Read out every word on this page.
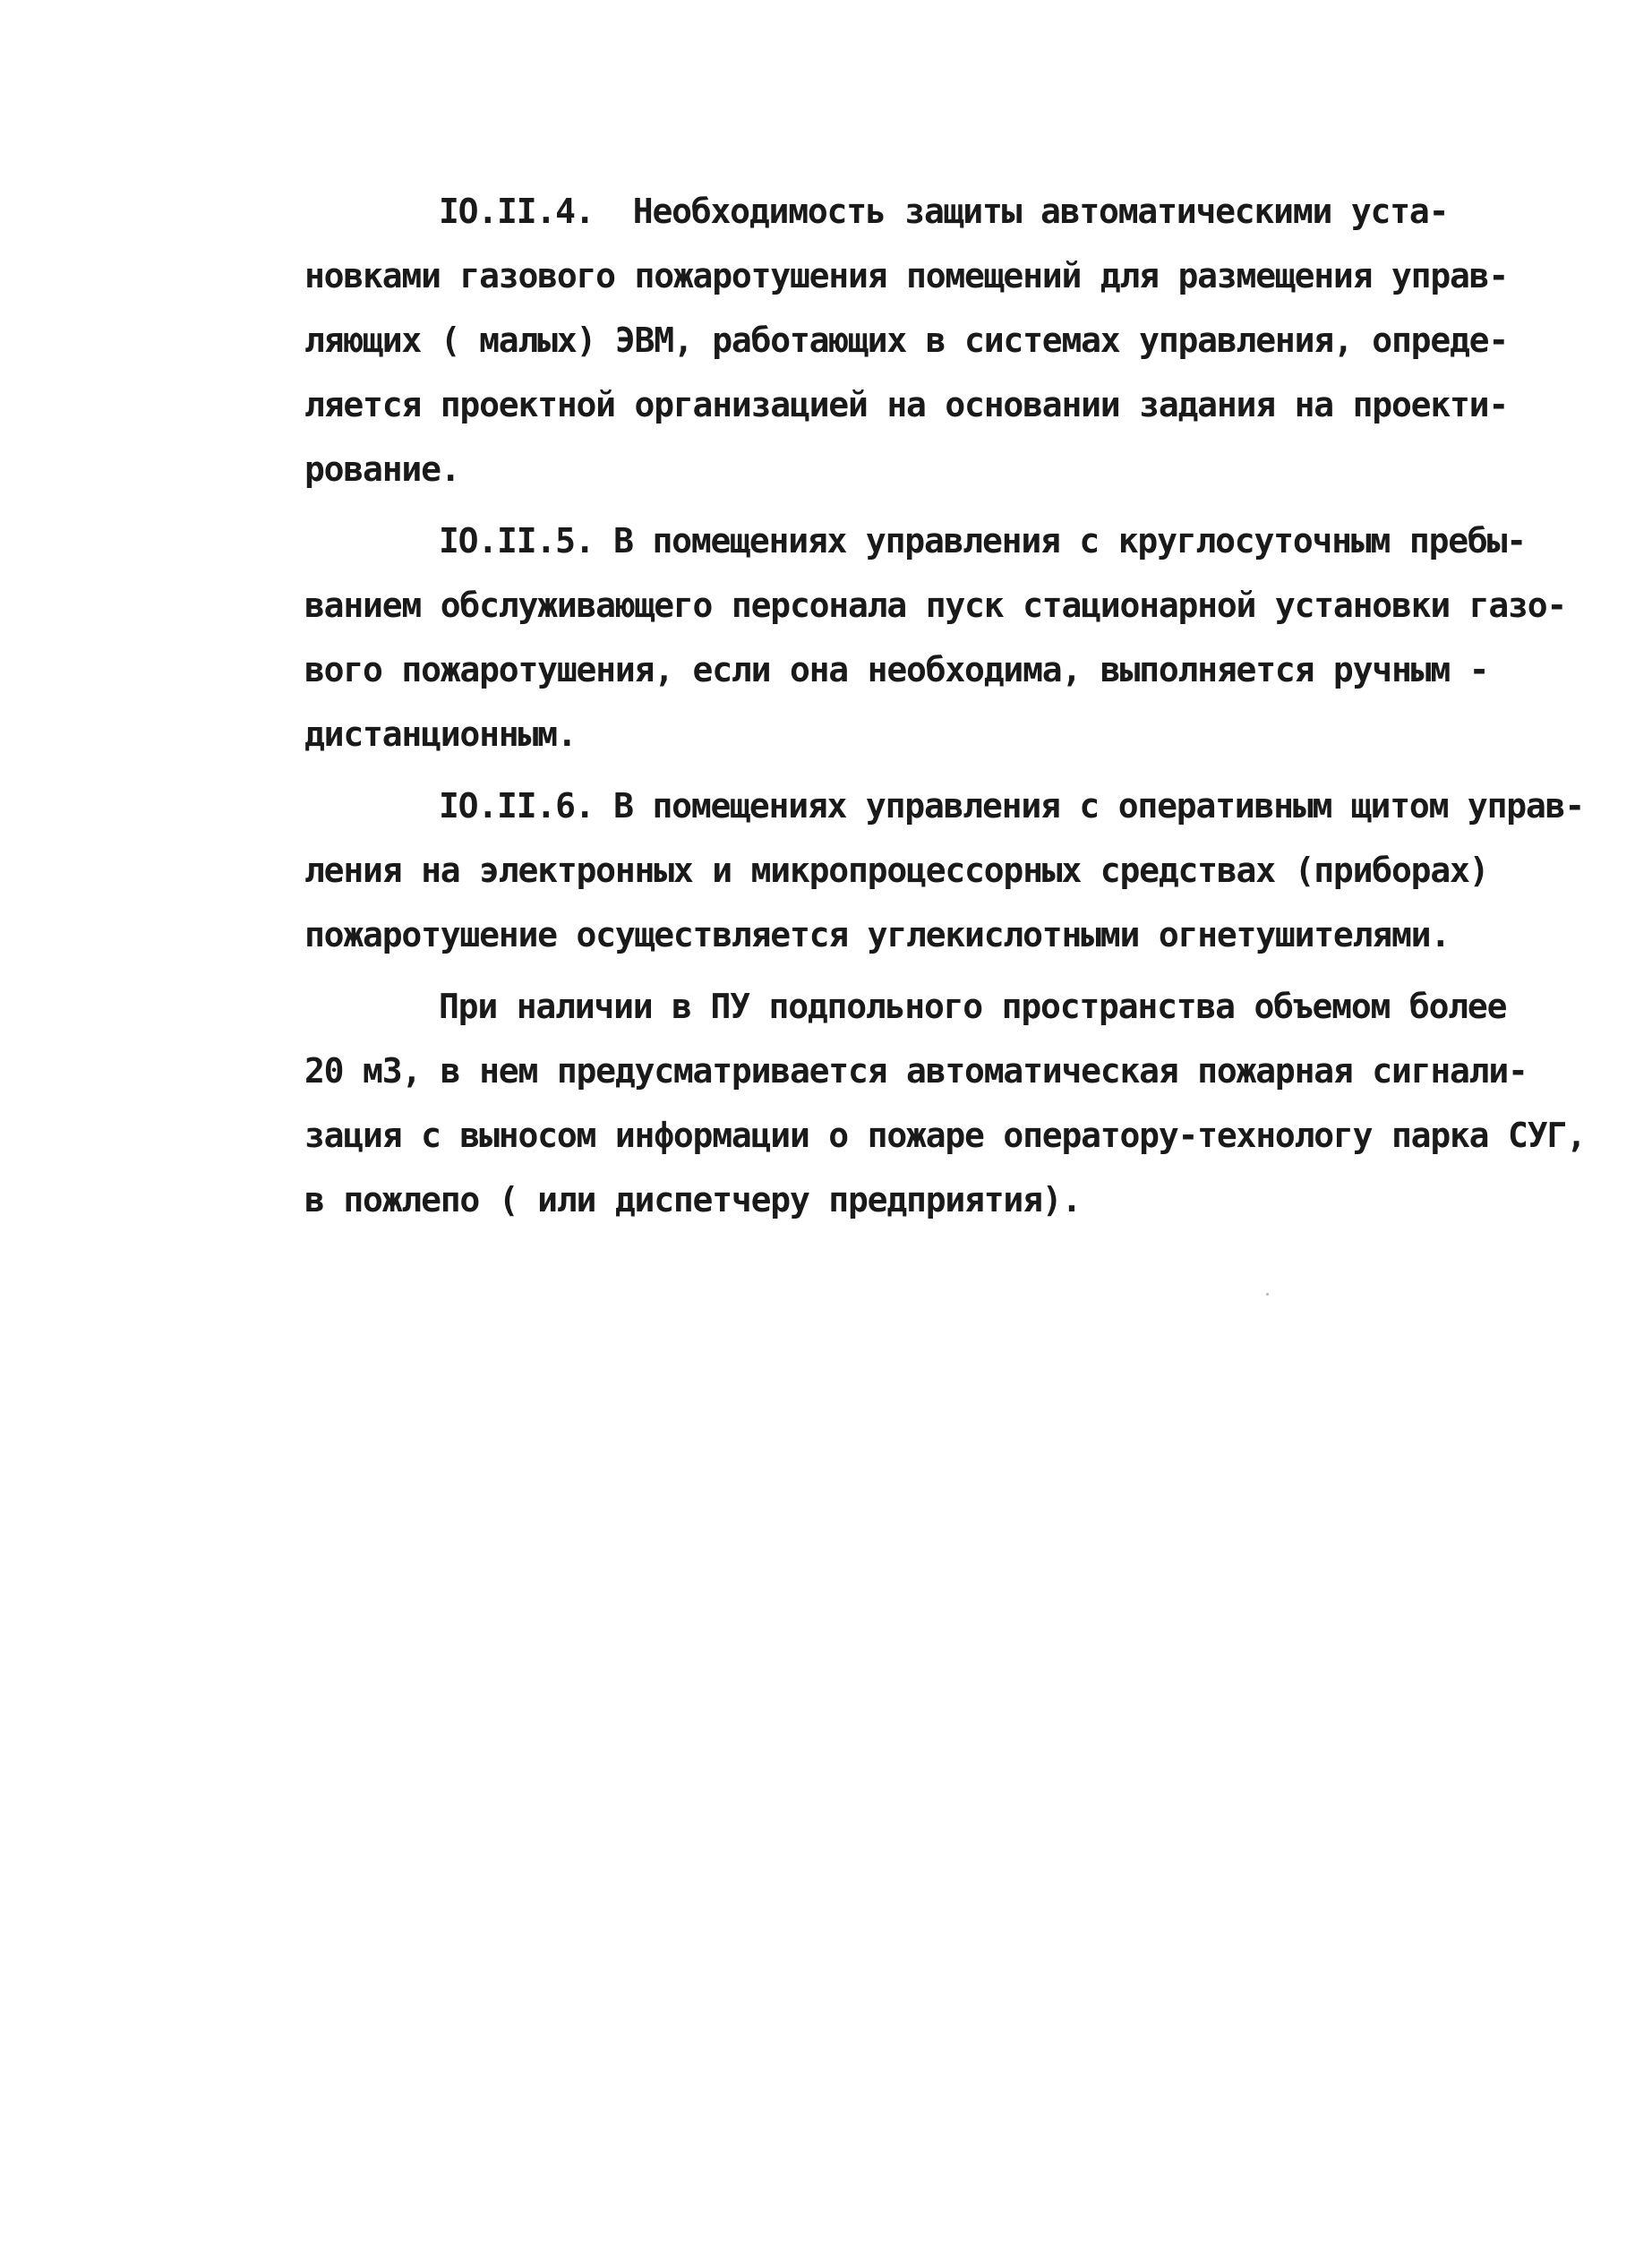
IO.II.4.  Необходимость защиты автоматическими уста-
новками газового пожаротушения помещений для размещения управ-
ляющих ( малых) ЭВМ, работающих в системах управления, опреде-
ляется проектной организацией на основании задания на проекти-
рование.
IO.II.5. В помещениях управления с круглосуточным пребы-
ванием обслуживающего персонала пуск стационарной установки газо-
вого пожаротушения, если она необходима, выполняется ручным -
дистанционным.
IO.II.6. В помещениях управления с оперативным щитом управ-
ления на электронных и микропроцессорных средствах (приборах)
пожаротушение осуществляется углекислотными огнетушителями.
При наличии в ПУ подпольного пространства объемом более
20 м3, в нем предусматривается автоматическая пожарная сигнали-
зация с выносом информации о пожаре оператору-технологу парка СУГ,
в пожлепо ( или диспетчеру предприятия).
